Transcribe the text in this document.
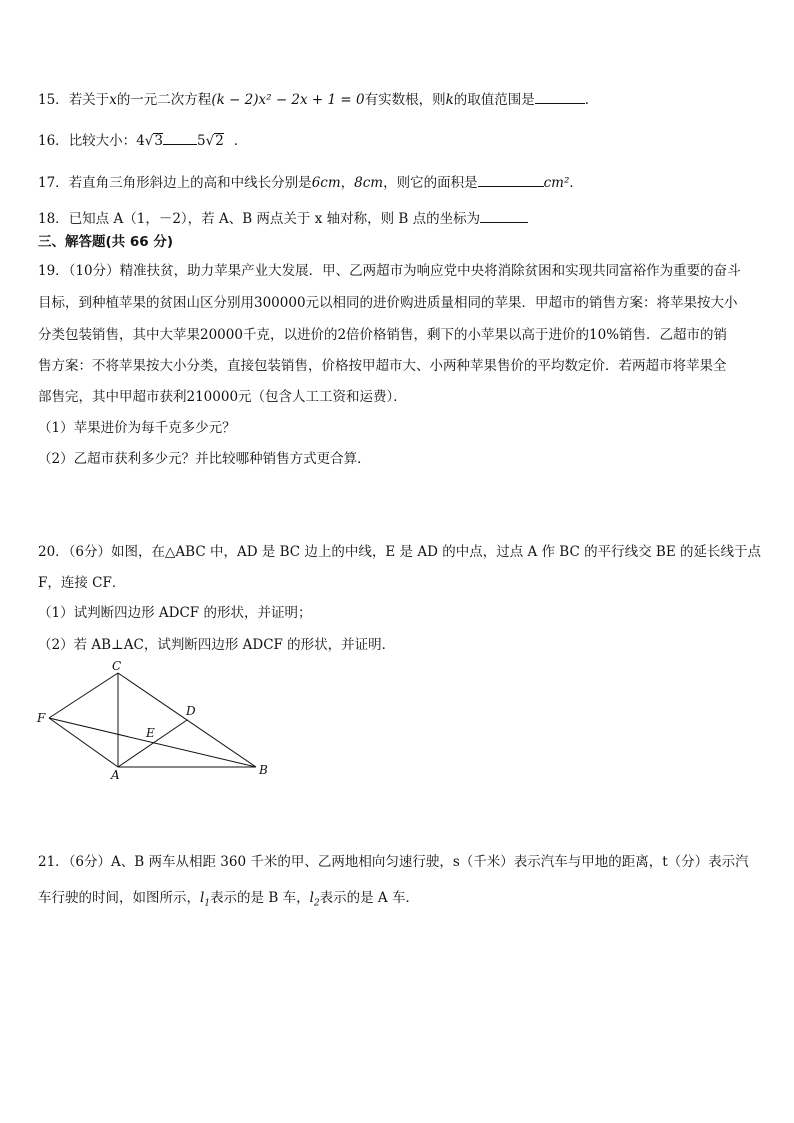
15．若关于x的一元二次方程(k − 2)x² − 2x + 1 = 0有实数根，则k的取值范围是	．
16．比较大小：4√3	5√2 ．
17．若直角三角形斜边上的高和中线长分别是6cm，8cm，则它的面积是	cm²．
18．已知点 A（1，－2），若 A、B 两点关于 x 轴对称，则 B 点的坐标为
三、解答题(共 66 分)
19．（10分）精准扶贫，助力苹果产业大发展．甲、乙两超市为响应党中央将消除贫困和实现共同富裕作为重要的奋斗
目标，到种植苹果的贫困山区分别用300000元以相同的进价购进质量相同的苹果．甲超市的销售方案：将苹果按大小
分类包装销售，其中大苹果20000千克，以进价的2倍价格销售，剩下的小苹果以高于进价的10%销售．乙超市的销
售方案：不将苹果按大小分类，直接包装销售，价格按甲超市大、小两种苹果售价的平均数定价．若两超市将苹果全
部售完，其中甲超市获利210000元（包含人工工资和运费）．
（1）苹果进价为每千克多少元？
（2）乙超市获利多少元？并比较哪种销售方式更合算．
20．（6分）如图，在△ABC 中，AD 是 BC 边上的中线，E 是 AD 的中点，过点 A 作 BC 的平行线交 BE 的延长线于点
F，连接 CF．
（1）试判断四边形 ADCF 的形状，并证明；
（2）若 AB⊥AC，试判断四边形 ADCF 的形状，并证明．
C
D
F
E
A	B
21．（6分）A、B 两车从相距 360 千米的甲、乙两地相向匀速行驶，s（千米）表示汽车与甲地的距离，t（分）表示汽
车行驶的时间，如图所示，$l_1$表示的是 B 车，$l_2$表示的是 A 车．
